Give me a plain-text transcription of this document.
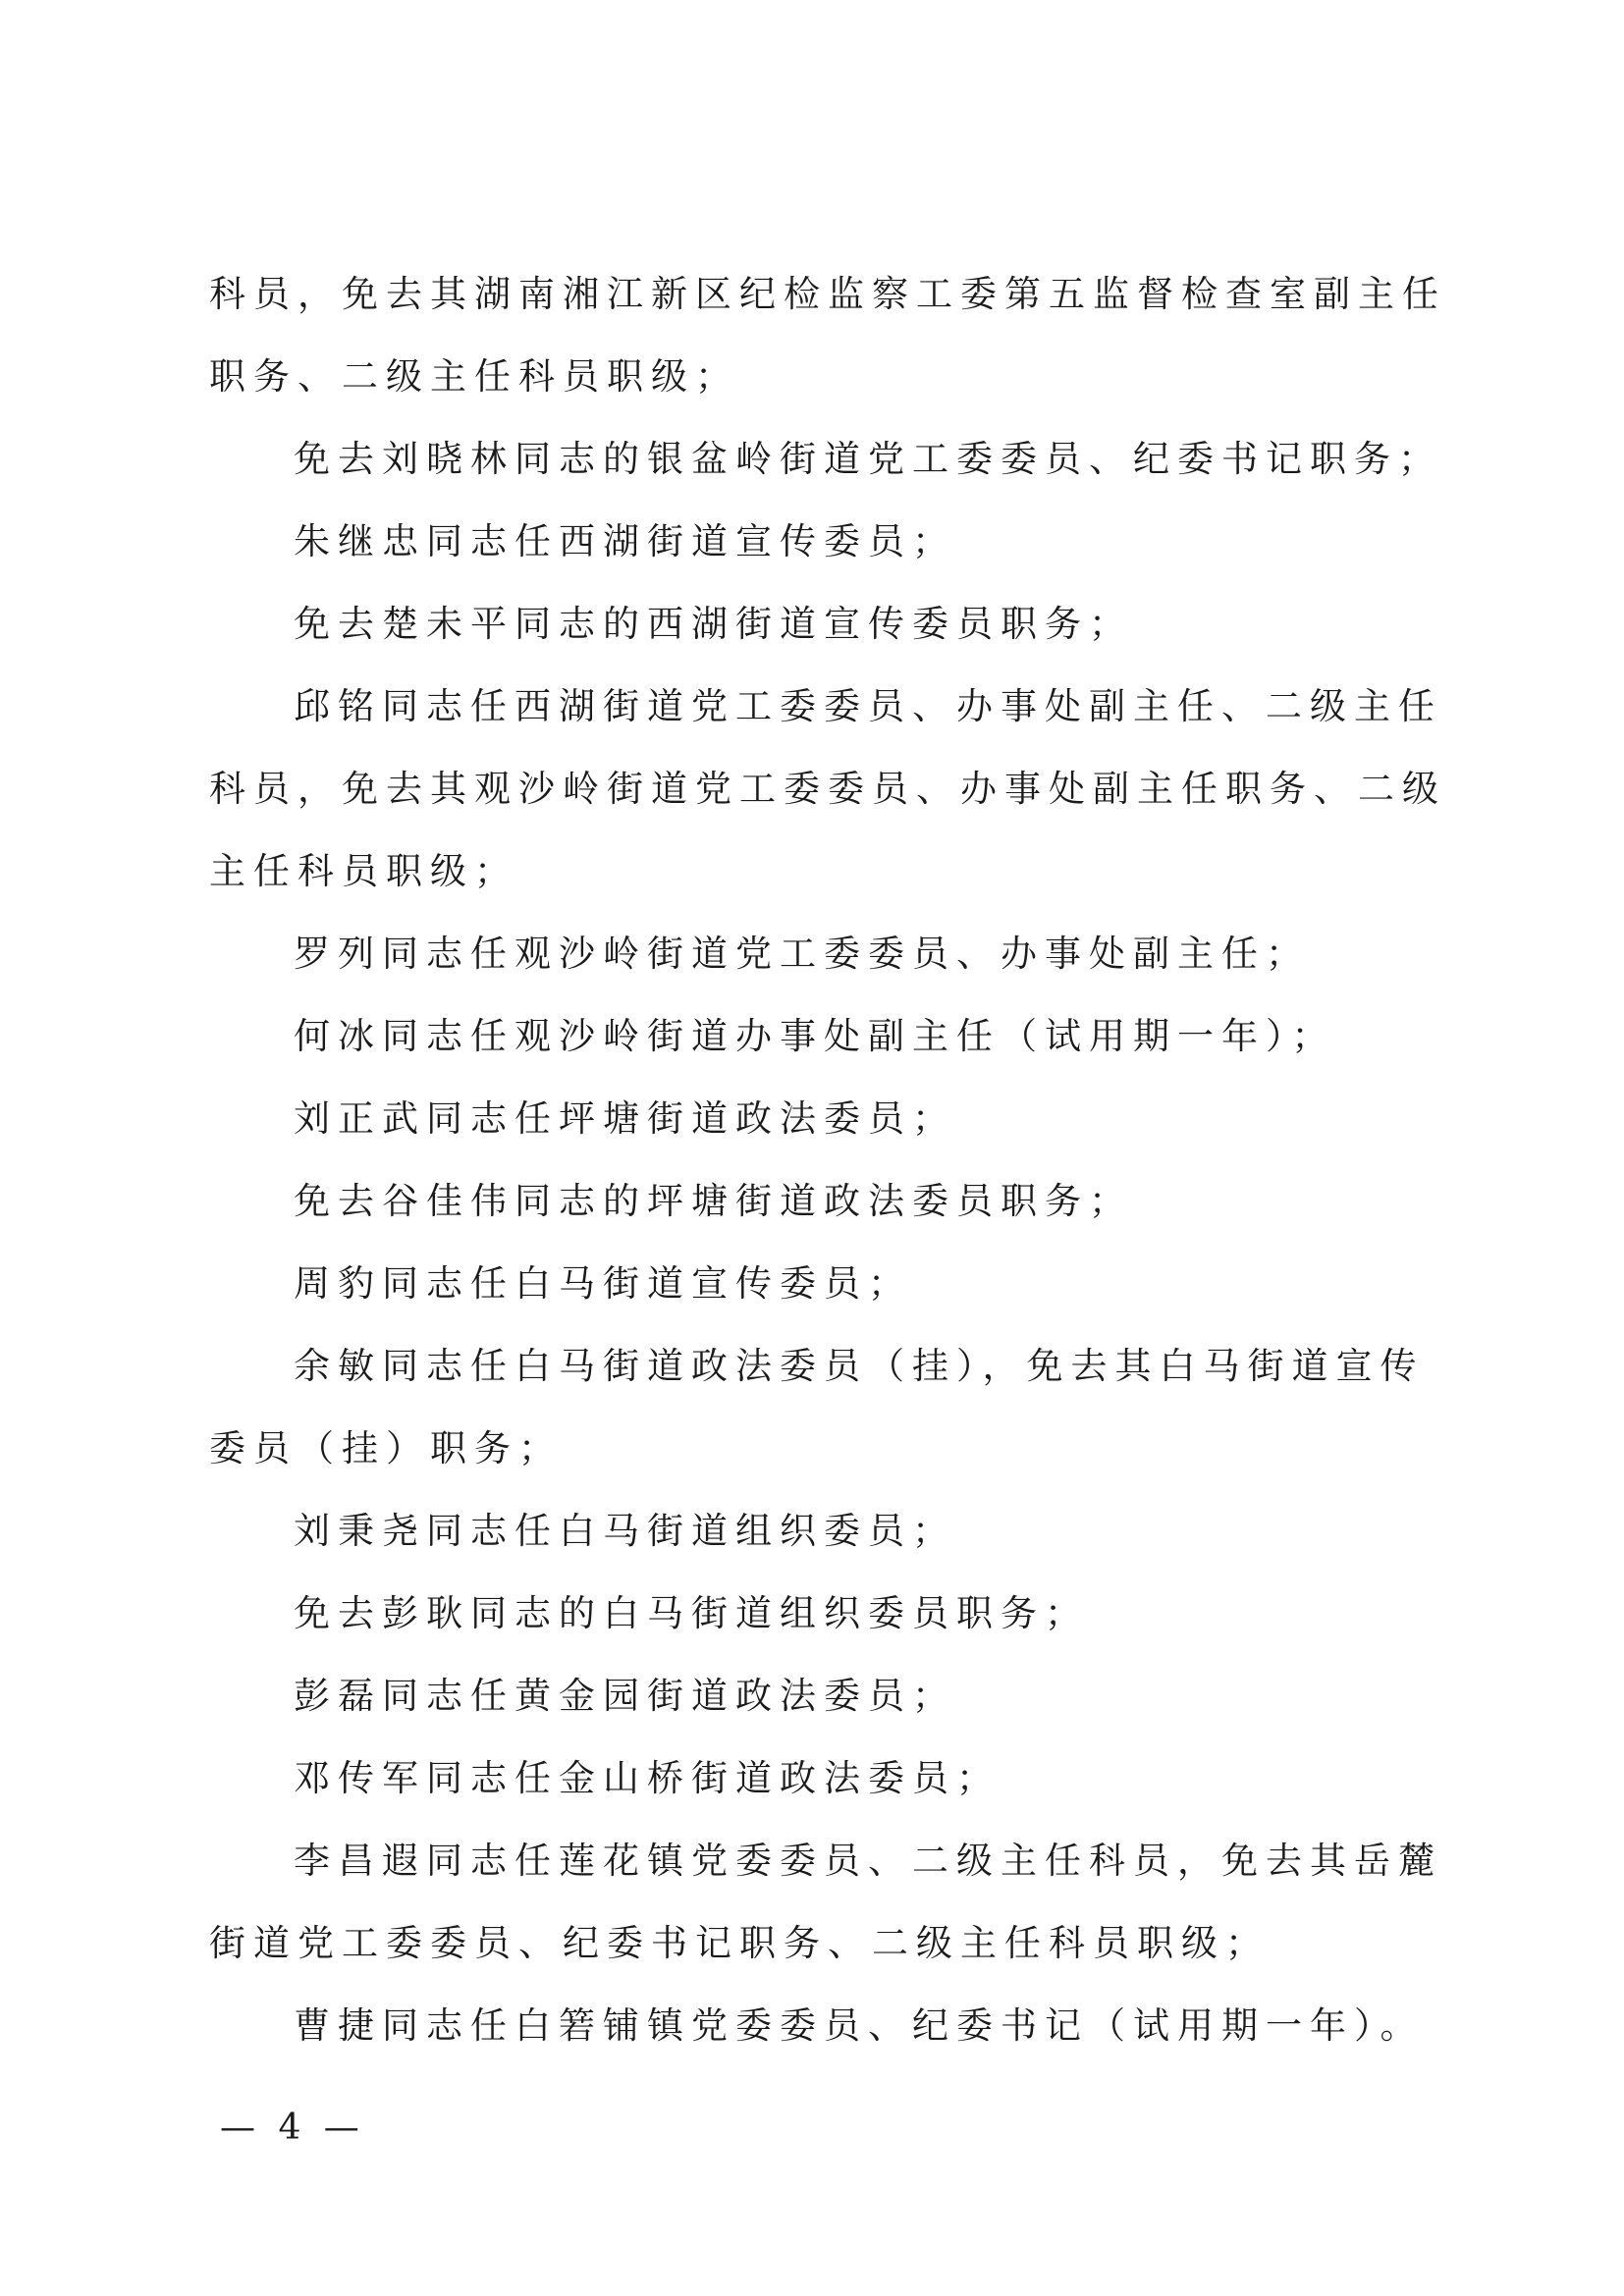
科员，免去其湖南湘江新区纪检监察工委第五监督检查室副主任
职务、二级主任科员职级；
免去刘晓林同志的银盆岭街道党工委委员、纪委书记职务；
朱继忠同志任西湖街道宣传委员；
免去楚未平同志的西湖街道宣传委员职务；
邱铭同志任西湖街道党工委委员、办事处副主任、二级主任
科员，免去其观沙岭街道党工委委员、办事处副主任职务、二级
主任科员职级；
罗列同志任观沙岭街道党工委委员、办事处副主任；
何冰同志任观沙岭街道办事处副主任（试用期一年）；
刘正武同志任坪塘街道政法委员；
免去谷佳伟同志的坪塘街道政法委员职务；
周豹同志任白马街道宣传委员；
余敏同志任白马街道政法委员（挂），免去其白马街道宣传
委员（挂）职务；
刘秉尧同志任白马街道组织委员；
免去彭耿同志的白马街道组织委员职务；
彭磊同志任黄金园街道政法委员；
邓传军同志任金山桥街道政法委员；
李昌遐同志任莲花镇党委委员、二级主任科员，免去其岳麓
街道党工委委员、纪委书记职务、二级主任科员职级；
曹捷同志任白箬铺镇党委委员、纪委书记（试用期一年）。
— 4 —
